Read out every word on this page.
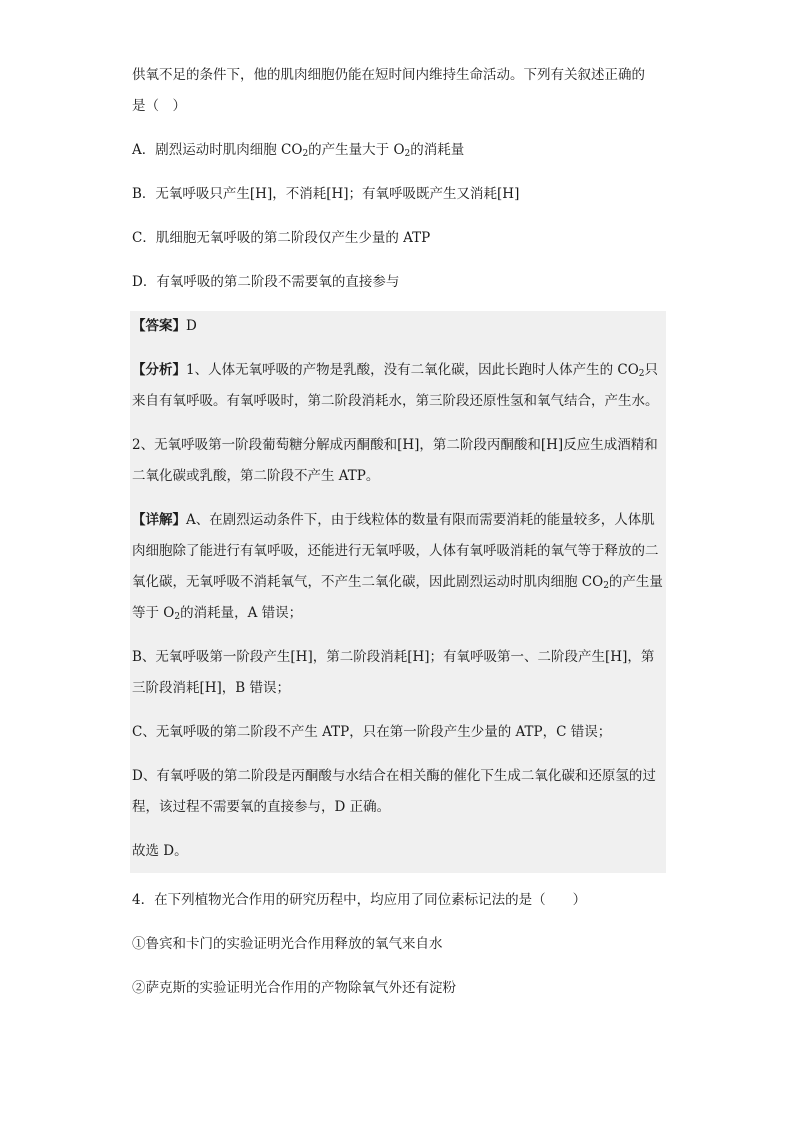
供氧不足的条件下，他的肌肉细胞仍能在短时间内维持生命活动。下列有关叙述正确的
是（　）
A．剧烈运动时肌肉细胞 $CO_2$的产生量大于 $O_2$的消耗量
B．无氧呼吸只产生[H]，不消耗[H]；有氧呼吸既产生又消耗[H]
C．肌细胞无氧呼吸的第二阶段仅产生少量的 ATP
D．有氧呼吸的第二阶段不需要氧的直接参与
【答案】D
【分析】1、人体无氧呼吸的产物是乳酸，没有二氧化碳，因此长跑时人体产生的 $CO_2$只来自有氧呼吸。有氧呼吸时，第二阶段消耗水，第三阶段还原性氢和氧气结合，产生水。
2、无氧呼吸第一阶段葡萄糖分解成丙酮酸和[H]，第二阶段丙酮酸和[H]反应生成酒精和二氧化碳或乳酸，第二阶段不产生 ATP。
【详解】A、在剧烈运动条件下，由于线粒体的数量有限而需要消耗的能量较多，人体肌肉细胞除了能进行有氧呼吸，还能进行无氧呼吸，人体有氧呼吸消耗的氧气等于释放的二氧化碳，无氧呼吸不消耗氧气，不产生二氧化碳，因此剧烈运动时肌肉细胞 $CO_2$的产生量等于 $O_2$的消耗量，A 错误；
B、无氧呼吸第一阶段产生[H]，第二阶段消耗[H]；有氧呼吸第一、二阶段产生[H]，第三阶段消耗[H]，B 错误；
C、无氧呼吸的第二阶段不产生 ATP，只在第一阶段产生少量的 ATP，C 错误；
D、有氧呼吸的第二阶段是丙酮酸与水结合在相关酶的催化下生成二氧化碳和还原氢的过程，该过程不需要氧的直接参与，D 正确。
故选 D。
4．在下列植物光合作用的研究历程中，均应用了同位素标记法的是（　　）
①鲁宾和卡门的实验证明光合作用释放的氧气来自水
②萨克斯的实验证明光合作用的产物除氧气外还有淀粉
